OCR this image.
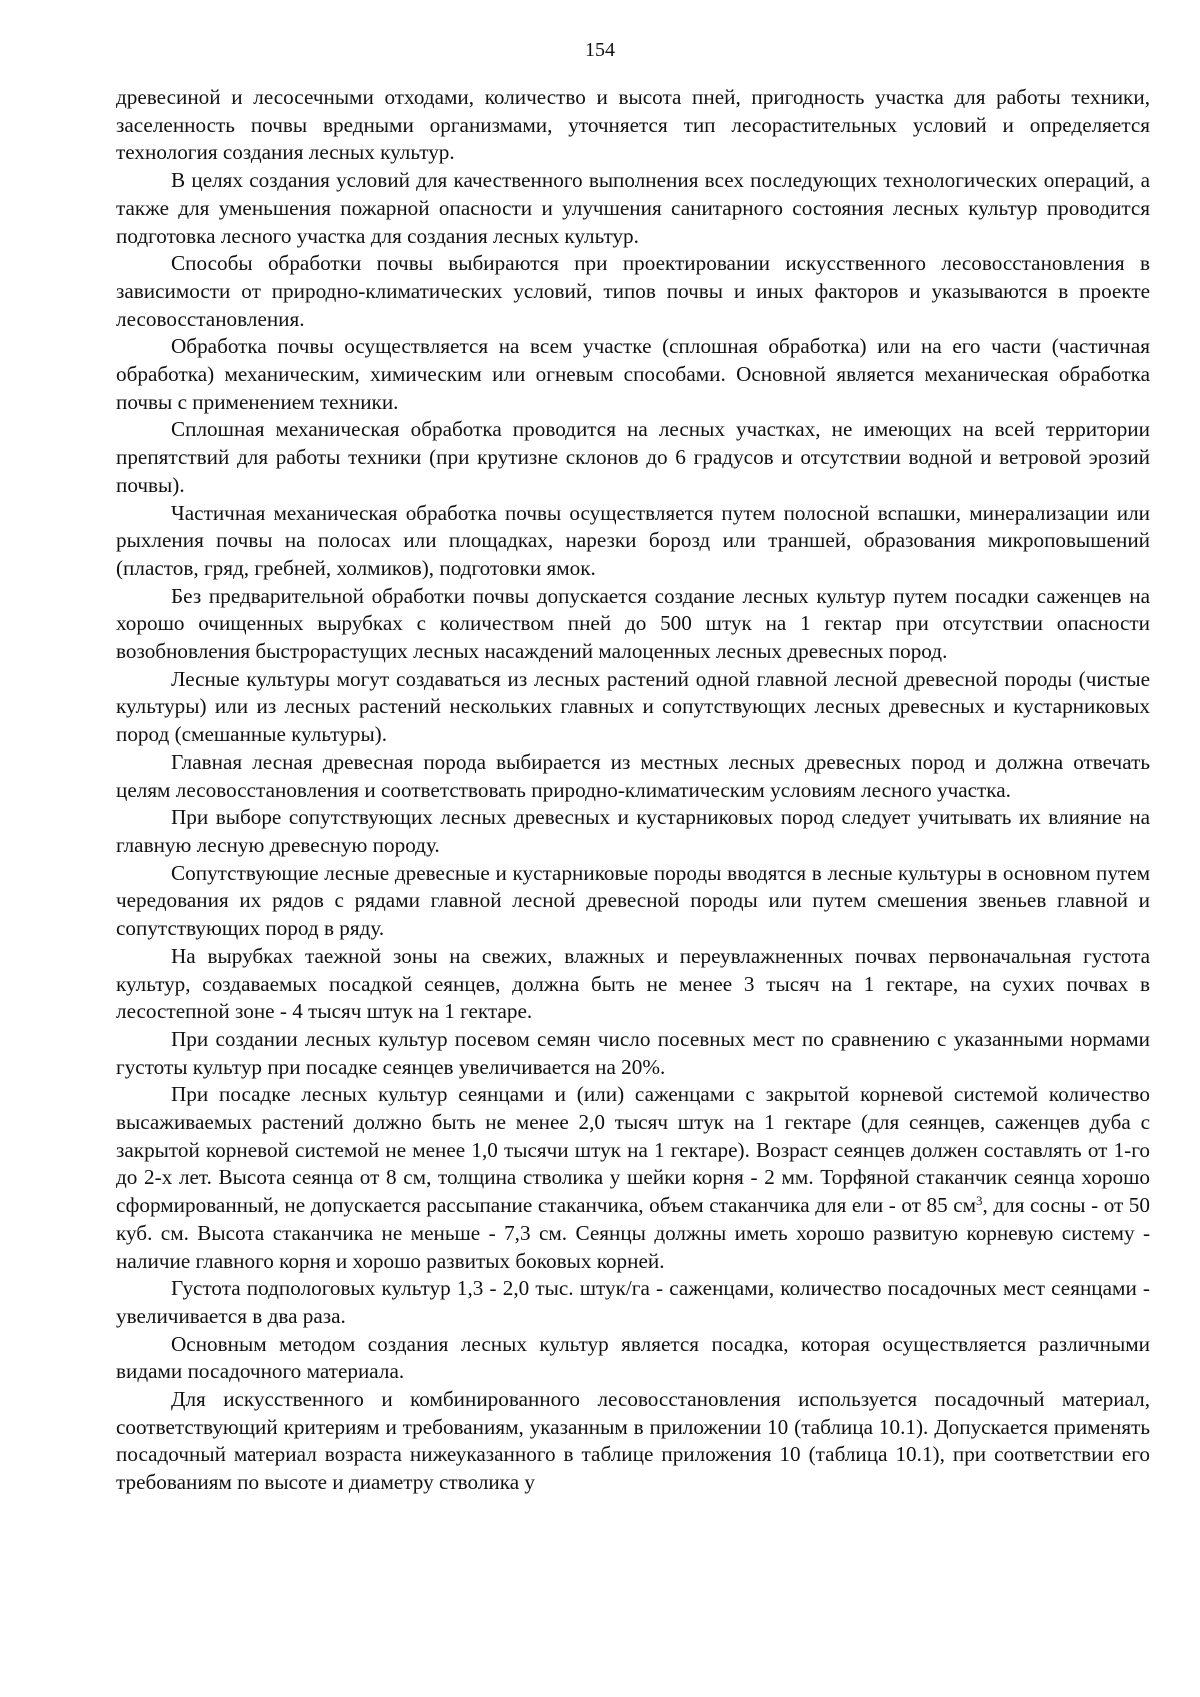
154

древесиной и лесосечными отходами, количество и высота пней, пригодность участка для работы техники, заселенность почвы вредными организмами, уточняется тип лесорастительных условий и определяется технология создания лесных культур.

В целях создания условий для качественного выполнения всех последующих технологических операций, а также для уменьшения пожарной опасности и улучшения санитарного состояния лесных культур проводится подготовка лесного участка для создания лесных культур.

Способы обработки почвы выбираются при проектировании искусственного лесовосстановления в зависимости от природно-климатических условий, типов почвы и иных факторов и указываются в проекте лесовосстановления.

Обработка почвы осуществляется на всем участке (сплошная обработка) или на его части (частичная обработка) механическим, химическим или огневым способами. Основной является механическая обработка почвы с применением техники.

Сплошная механическая обработка проводится на лесных участках, не имеющих на всей территории препятствий для работы техники (при крутизне склонов до 6 градусов и отсутствии водной и ветровой эрозий почвы).

Частичная механическая обработка почвы осуществляется путем полосной вспашки, минерализации или рыхления почвы на полосах или площадках, нарезки борозд или траншей, образования микроповышений (пластов, гряд, гребней, холмиков), подготовки ямок.

Без предварительной обработки почвы допускается создание лесных культур путем посадки саженцев на хорошо очищенных вырубках с количеством пней до 500 штук на 1 гектар при отсутствии опасности возобновления быстрорастущих лесных насаждений малоценных лесных древесных пород.

Лесные культуры могут создаваться из лесных растений одной главной лесной древесной породы (чистые культуры) или из лесных растений нескольких главных и сопутствующих лесных древесных и кустарниковых пород (смешанные культуры).

Главная лесная древесная порода выбирается из местных лесных древесных пород и должна отвечать целям лесовосстановления и соответствовать природно-климатическим условиям лесного участка.

При выборе сопутствующих лесных древесных и кустарниковых пород следует учитывать их влияние на главную лесную древесную породу.

Сопутствующие лесные древесные и кустарниковые породы вводятся в лесные культуры в основном путем чередования их рядов с рядами главной лесной древесной породы или путем смешения звеньев главной и сопутствующих пород в ряду.

На вырубках таежной зоны на свежих, влажных и переувлажненных почвах первоначальная густота культур, создаваемых посадкой сеянцев, должна быть не менее 3 тысяч на 1 гектаре, на сухих почвах в лесостепной зоне - 4 тысяч штук на 1 гектаре.

При создании лесных культур посевом семян число посевных мест по сравнению с указанными нормами густоты культур при посадке сеянцев увеличивается на 20%.

При посадке лесных культур сеянцами и (или) саженцами с закрытой корневой системой количество высаживаемых растений должно быть не менее 2,0 тысяч штук на 1 гектаре (для сеянцев, саженцев дуба с закрытой корневой системой не менее 1,0 тысячи штук на 1 гектаре). Возраст сеянцев должен составлять от 1-го до 2-х лет. Высота сеянца от 8 см, толщина стволика у шейки корня - 2 мм. Торфяной стаканчик сеянца хорошо сформированный, не допускается рассыпание стаканчика, объем стаканчика для ели - от 85 $см^3$, для сосны - от 50 куб. см. Высота стаканчика не меньше - 7,3 см. Сеянцы должны иметь хорошо развитую корневую систему - наличие главного корня и хорошо развитых боковых корней.

Густота подпологовых культур 1,3 - 2,0 тыс. штук/га - саженцами, количество посадочных мест сеянцами - увеличивается в два раза.

Основным методом создания лесных культур является посадка, которая осуществляется различными видами посадочного материала.

Для искусственного и комбинированного лесовосстановления используется посадочный материал, соответствующий критериям и требованиям, указанным в приложении 10 (таблица 10.1). Допускается применять посадочный материал возраста нижеуказанного в таблице приложения 10 (таблица 10.1), при соответствии его требованиям по высоте и диаметру стволика у
